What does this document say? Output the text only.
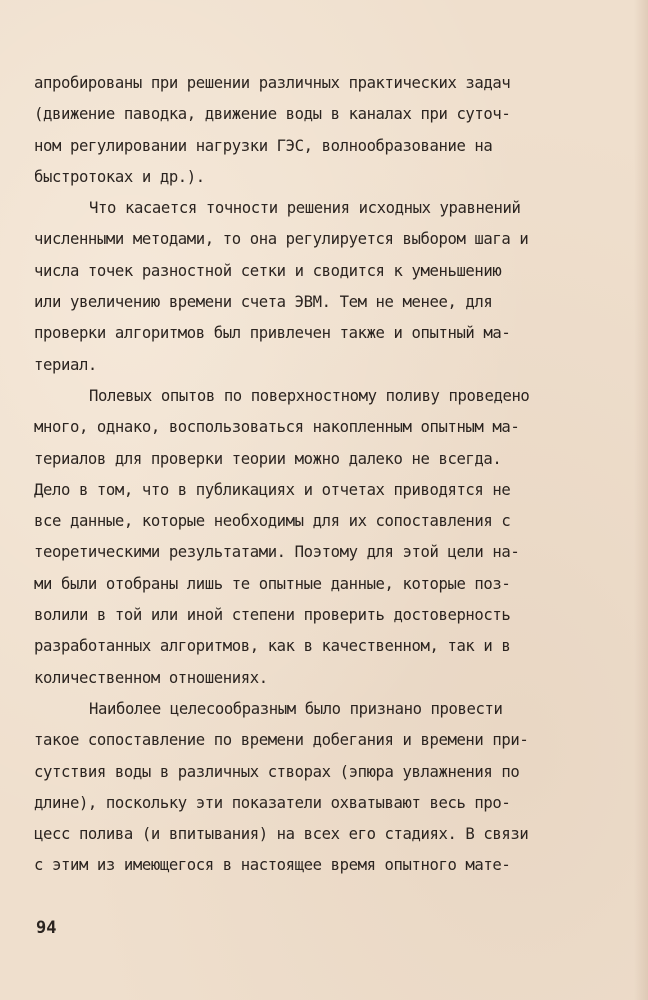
апробированы при решении различных практических задач
(движение паводка, движение воды в каналах при суточ-
ном регулировании нагрузки ГЭС, волнообразование на
быстротоках и др.).
Что касается точности решения исходных уравнений
численными методами, то она регулируется выбором шага и
числа точек разностной сетки и сводится к уменьшению
или увеличению времени счета ЭВМ. Тем не менее, для
проверки алгоритмов был привлечен также и опытный ма-
териал.
Полевых опытов по поверхностному поливу проведено
много, однако, воспользоваться накопленным опытным ма-
териалов для проверки теории можно далеко не всегда.
Дело в том, что в публикациях и отчетах приводятся не
все данные, которые необходимы для их сопоставления с
теоретическими результатами. Поэтому для этой цели на-
ми были отобраны лишь те опытные данные, которые поз-
волили в той или иной степени проверить достоверность
разработанных алгоритмов, как в качественном, так и в
количественном отношениях.
Наиболее целесообразным было признано провести
такое сопоставление по времени добегания и времени при-
сутствия воды в различных створах (эпюра увлажнения по
длине), поскольку эти показатели охватывают весь про-
цесс полива (и впитывания) на всех его стадиях. В связи
с этим из имеющегося в настоящее время опытного мате-
94
